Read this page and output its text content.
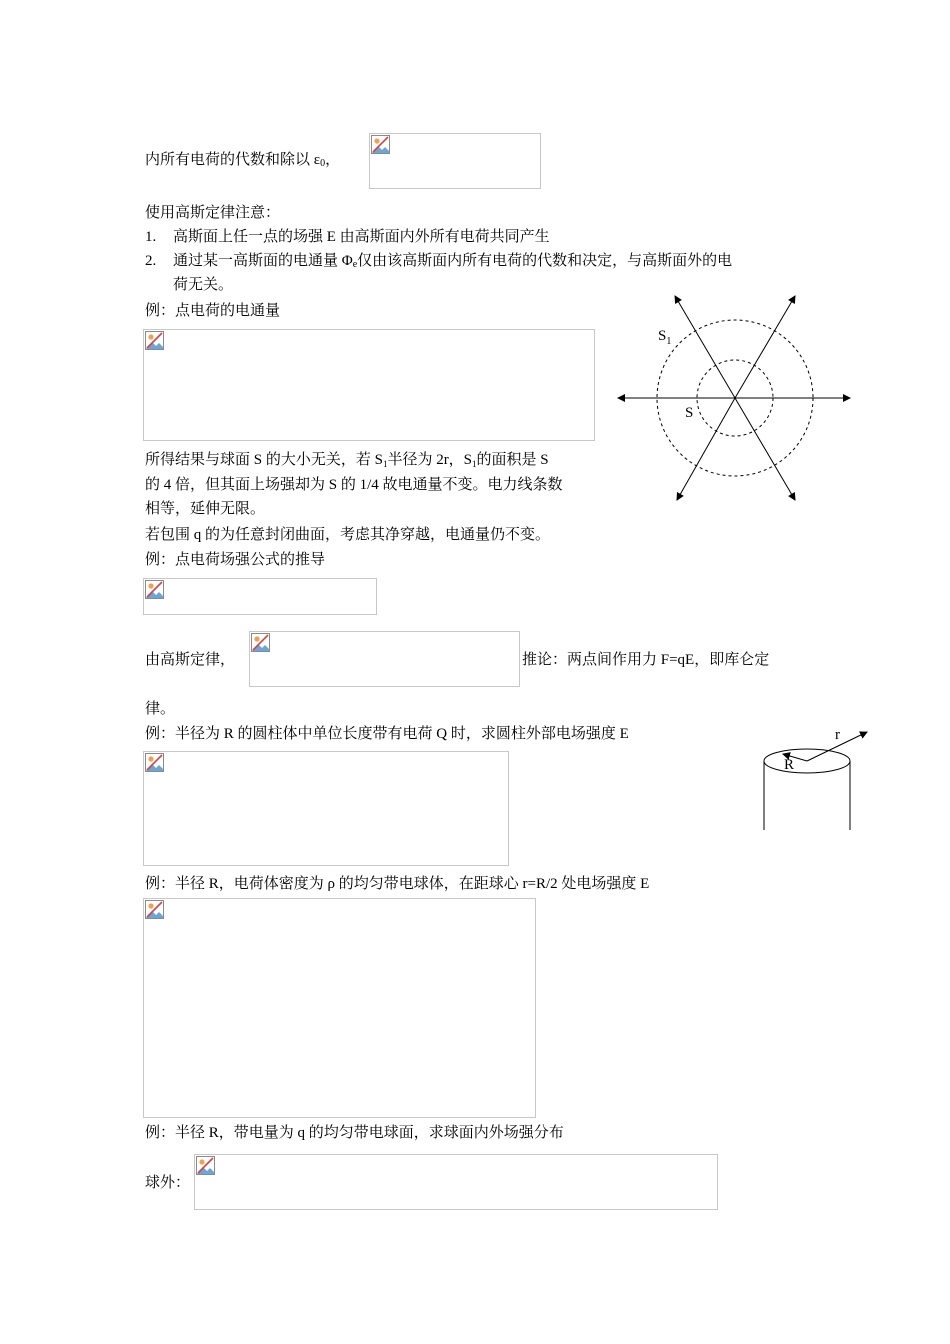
内所有电荷的代数和除以 $\varepsilon_0$，
使用高斯定律注意：
1. 高斯面上任一点的场强 E 由高斯面内外所有电荷共同产生
2. 通过某一高斯面的电通量 $\Phi_e$仅由该高斯面内所有电荷的代数和决定，与高斯面外的电
荷无关。
例：点电荷的电通量
$S_1$
S
所得结果与球面 S 的大小无关，若 $S_1$半径为 2r，$S_1$的面积是 S
的 4 倍，但其面上场强却为 S 的 1/4 故电通量不变。电力线条数
相等，延伸无限。
若包围 q 的为任意封闭曲面，考虑其净穿越，电通量仍不变。
例：点电荷场强公式的推导
由高斯定律，	推论：两点间作用力 F=qE，即库仑定
律。
例：半径为 R 的圆柱体中单位长度带有电荷 Q 时，求圆柱外部电场强度 E	r
R
例：半径 R，电荷体密度为 ρ 的均匀带电球体，在距球心 r=R/2 处电场强度 E
例：半径 R，带电量为 q 的均匀带电球面，求球面内外场强分布
球外：
